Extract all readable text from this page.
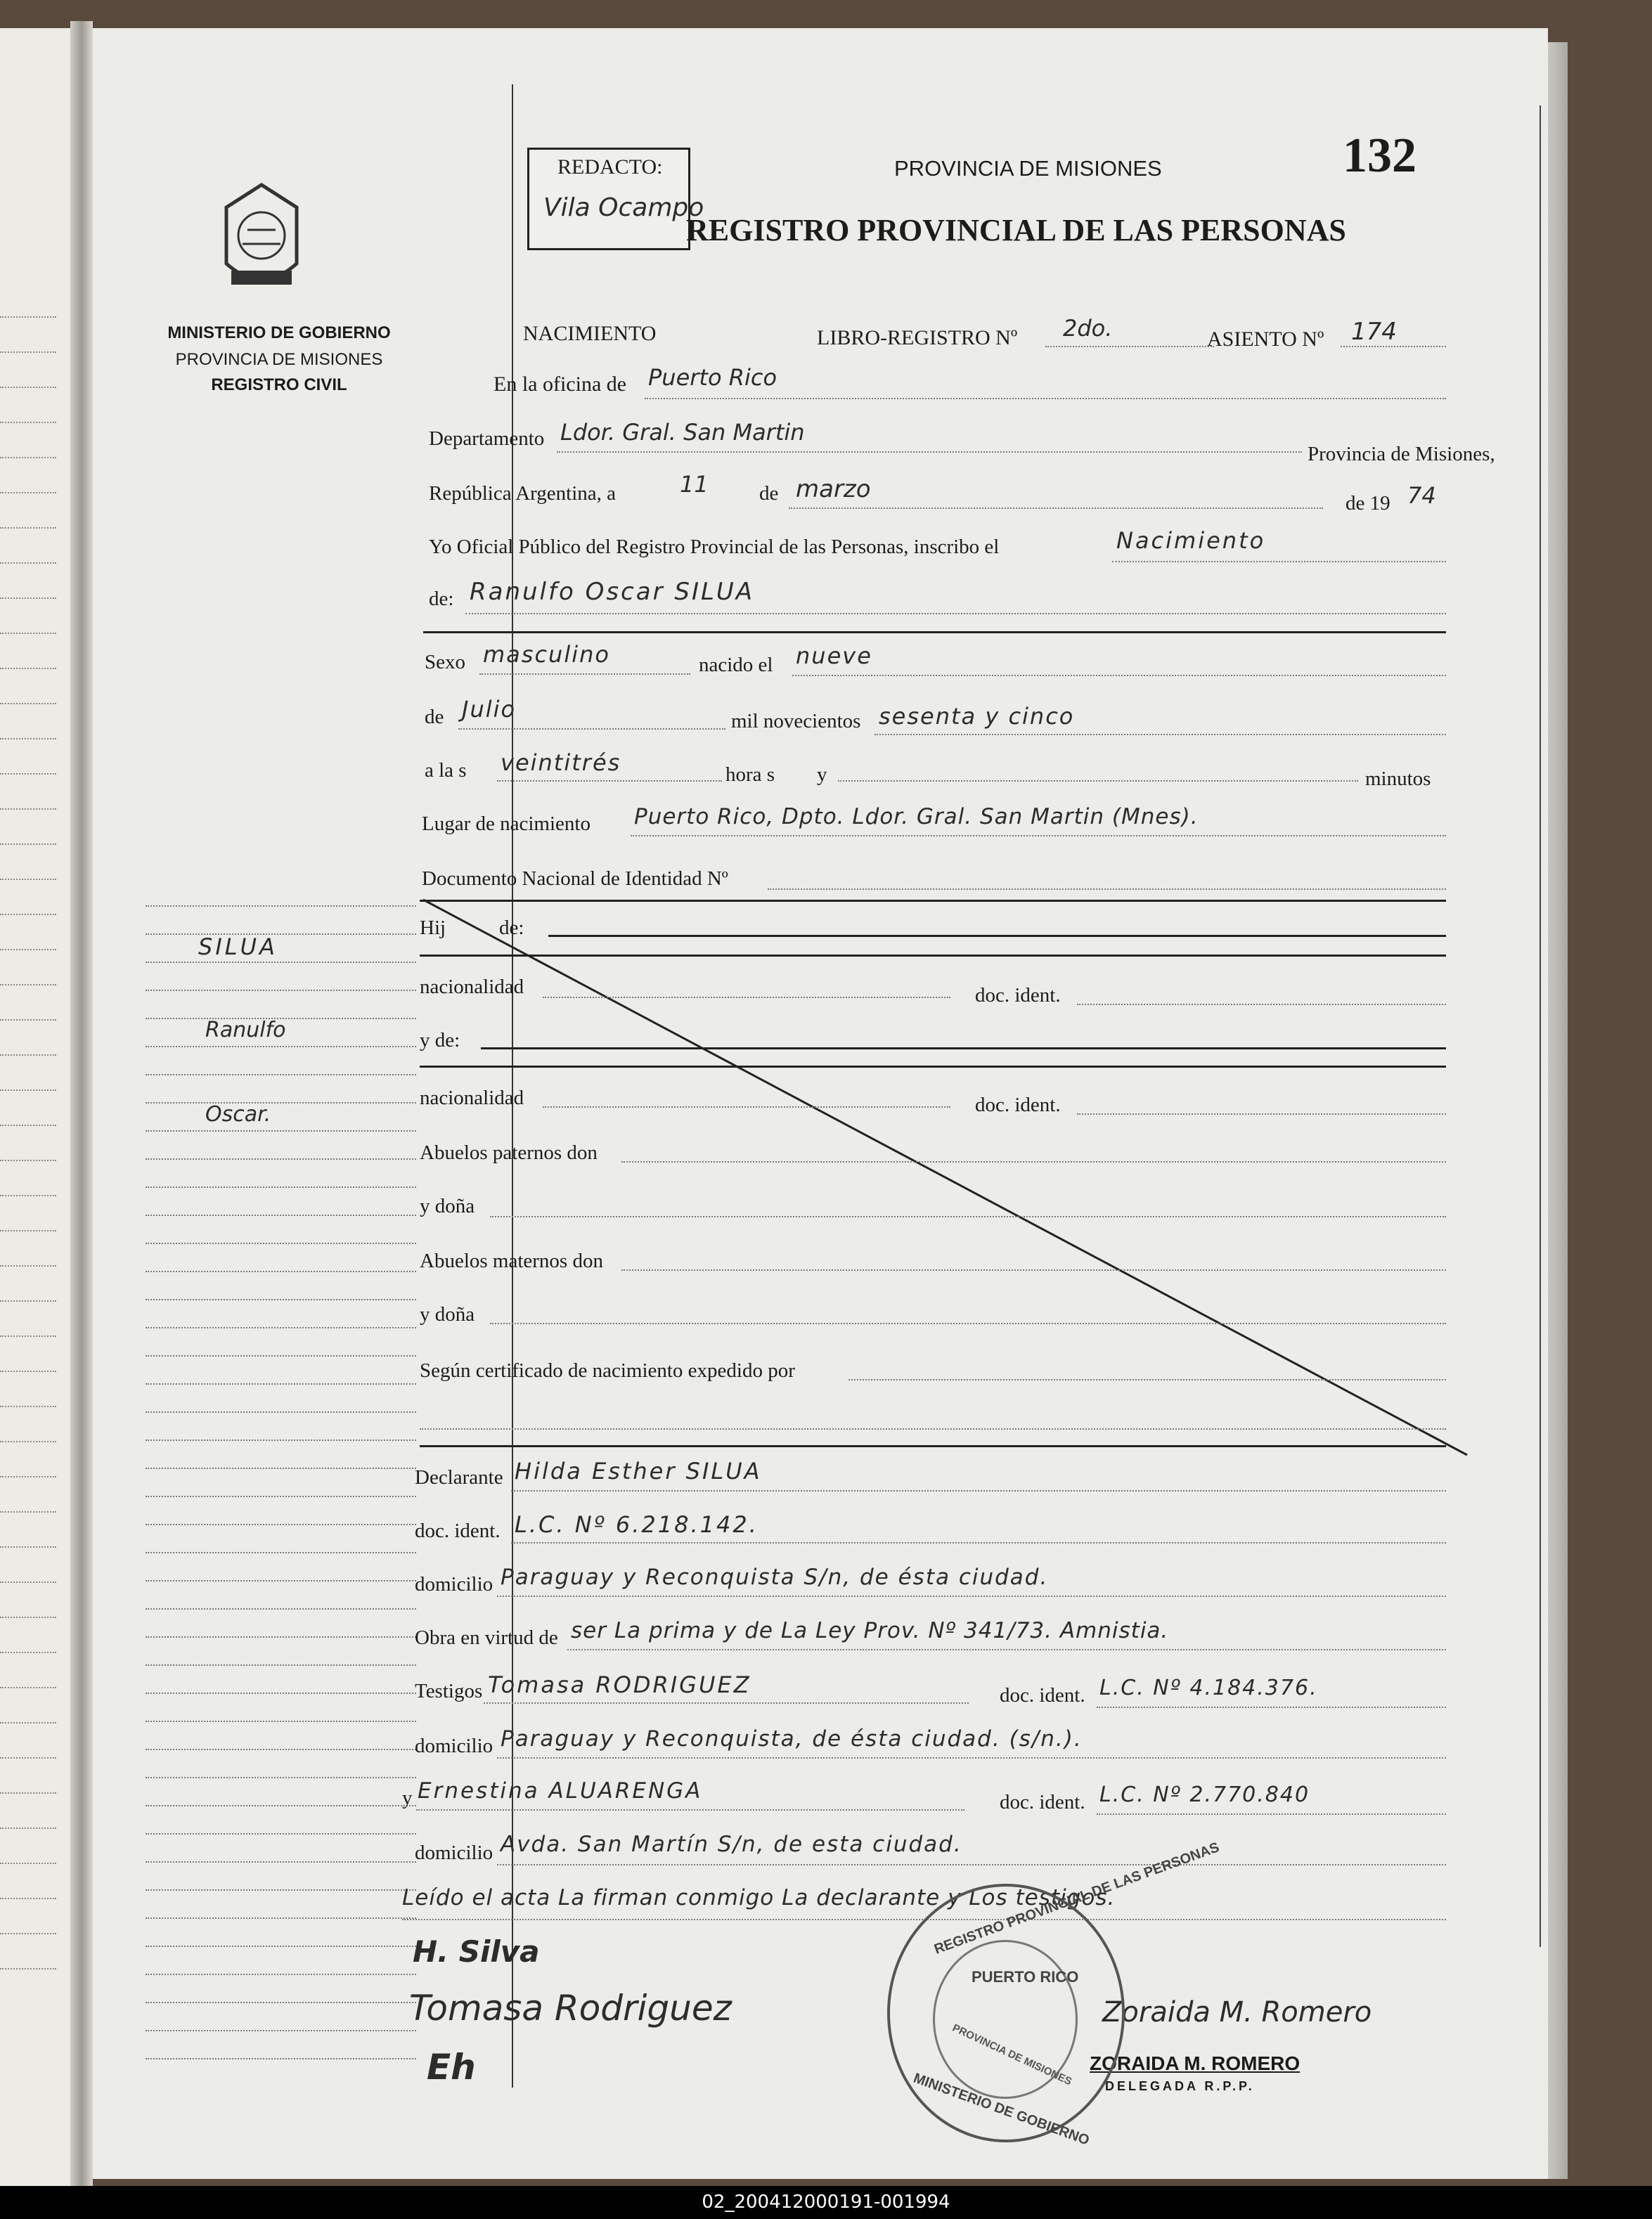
MINISTERIO DE GOBIERNO
PROVINCIA DE MISIONES
REGISTRO CIVIL
SILUA
Ranulfo
Oscar.
REDACTO:
Vila Ocampo
PROVINCIA DE MISIONES	132
REGISTRO PROVINCIAL DE LAS PERSONAS
NACIMIENTO	LIBRO-REGISTRO Nº 2do.	ASIENTO Nº 174
En la oficina de Puerto Rico
Departamento Ldor. Gral. San Martin
Provincia de Misiones,
República Argentina, a	11 de marzo	de 19 74
Yo Oficial Público del Registro Provincial de las Personas, inscribo el	Nacimiento
de: Ranulfo Oscar SILUA
Sexo masculino	nacido el nueve
de Julio	mil novecientos sesenta y cinco
a la s veintitrés	hora s y	minutos
Lugar de nacimiento Puerto Rico, Dpto. Ldor. Gral. San Martin (Mnes).
Documento Nacional de Identidad Nº
Hij	de:
nacionalidad	doc. ident.
y de:
nacionalidad	doc. ident.
Abuelos paternos don
y doña
Abuelos maternos don
y doña
Según certificado de nacimiento expedido por
Declarante Hilda Esther SILUA
doc. ident. L.C. Nº 6.218.142.
domicilio Paraguay y Reconquista S/n, de ésta ciudad.
Obra en virtud de ser La prima y de La Ley Prov. Nº 341/73. Amnistia.
Testigos Tomasa RODRIGUEZ	doc. ident. L.C. Nº 4.184.376.
domicilio Paraguay y Reconquista, de ésta ciudad. (s/n.).
y Ernestina ALUARENGA	doc. ident. L.C. Nº 2.770.840
domicilio Avda. San Martín S/n, de esta ciudad.
Leído el acta La firman conmigo La declarante y Los testigos.
H. Silva
Tomasa Rodriguez
Eh
Zoraida M. Romero
ZORAIDA M. ROMERO
DELEGADA R.P.P.
REGISTRO PROVINCIAL DE LAS PERSONAS
PUERTO RICO
PROVINCIA DE MISIONES
MINISTERIO DE GOBIERNO
02_200412000191-001994
